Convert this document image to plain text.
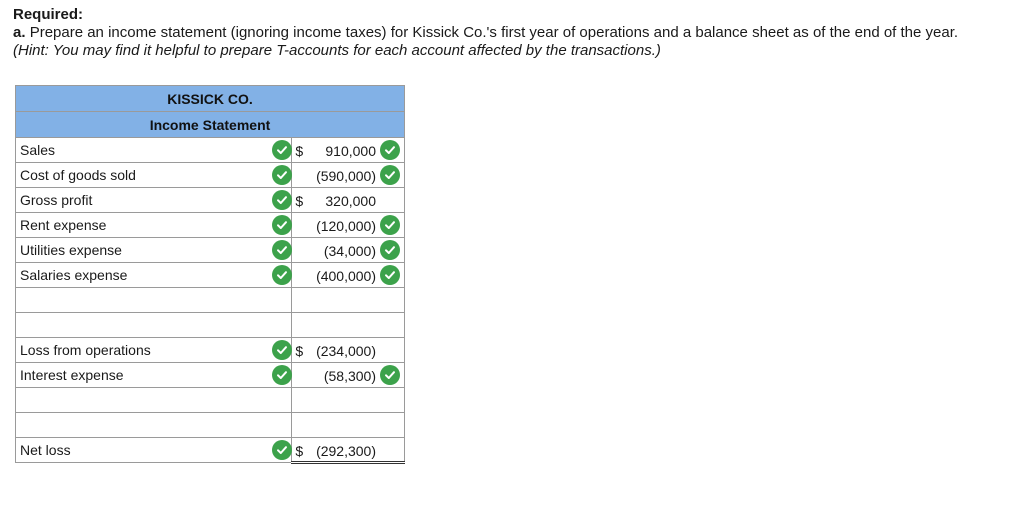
Required:

a. Prepare an income statement (ignoring income taxes) for Kissick Co.'s first year of operations and a balance sheet as of the end of the year.

(Hint: You may find it helpful to prepare T-accounts for each account affected by the transactions.)

KISSICK CO.	
Income Statement	
Sales	$ 910,000

Cost of goods sold	(590,000)

Gross profit	$ 320,000

Rent expense	(120,000)

Utilities expense	(34,000)

Salaries expense	(400,000)

Loss from operations	$ (234,000)

Interest expense	(58,300)

Net loss	$ (292,300)
